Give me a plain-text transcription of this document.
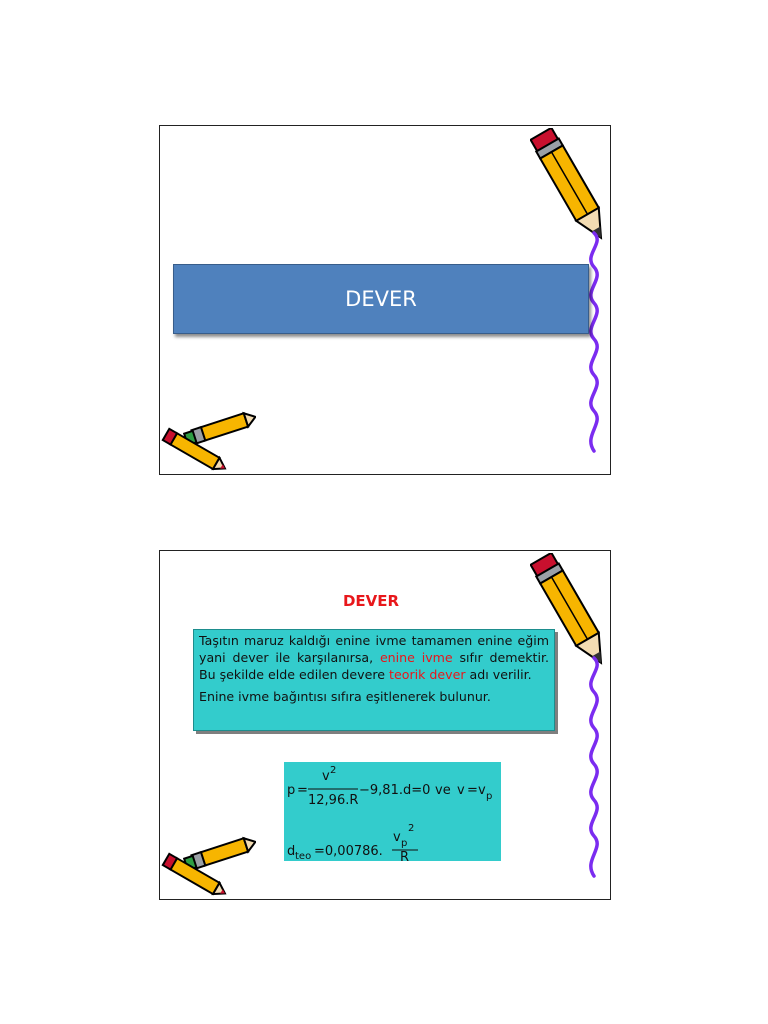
DEVER
DEVER

Taşıtın maruz kaldığı enine ivme tamamen enine eğim yani dever ile karşılanırsa, enine ivme sıfır demektir. Bu şekilde elde edilen devere teorik dever adı verilir.

Enine ivme bağıntısı sıfıra eşitlenerek bulunur.

p =
v 2
12,96.R
−9,81.d=0 ve v = v p
d teo =0,00786.
v p
2
R
